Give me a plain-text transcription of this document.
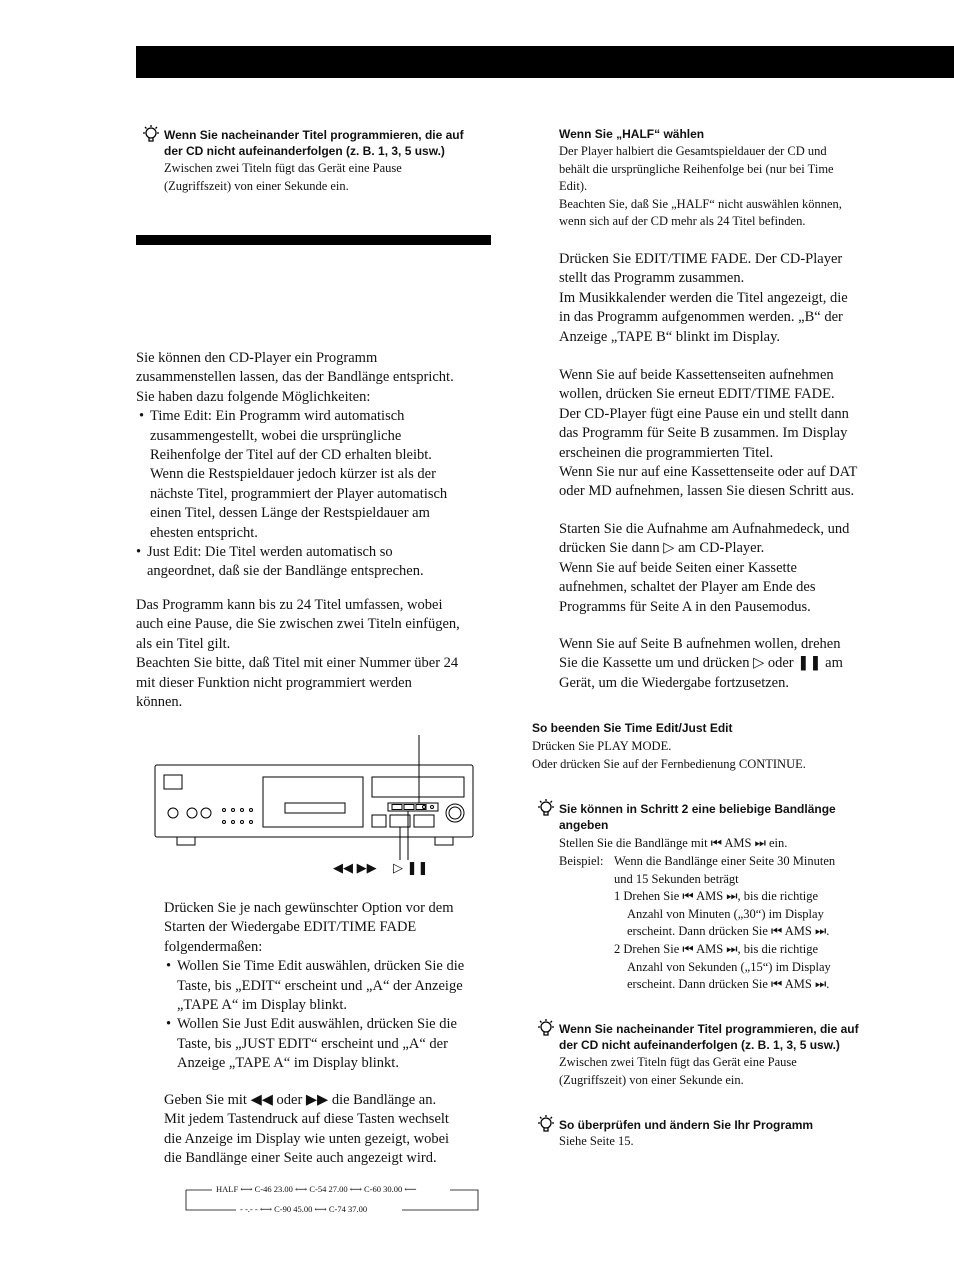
Wenn Sie nacheinander Titel programmieren, die auf
der CD nicht aufeinanderfolgen (z. B. 1, 3, 5 usw.)
Zwischen zwei Titeln fügt das Gerät eine Pause
(Zugriffszeit) von einer Sekunde ein.
Sie können den CD-Player ein Programm
zusammenstellen lassen, das der Bandlänge entspricht.
Sie haben dazu folgende Möglichkeiten:
• Time Edit: Ein Programm wird automatisch
zusammengestellt, wobei die ursprüngliche
Reihenfolge der Titel auf der CD erhalten bleibt.
Wenn die Restspieldauer jedoch kürzer ist als der
nächste Titel, programmiert der Player automatisch
einen Titel, dessen Länge der Restspieldauer am
ehesten entspricht.
• Just Edit: Die Titel werden automatisch so
angeordnet, daß sie der Bandlänge entsprechen.
Das Programm kann bis zu 24 Titel umfassen, wobei
auch eine Pause, die Sie zwischen zwei Titeln einfügen,
als ein Titel gilt.
Beachten Sie bitte, daß Titel mit einer Nummer über 24
mit dieser Funktion nicht programmiert werden
können.
◀◀ ▶▶ ▷ ❚❚
Drücken Sie je nach gewünschter Option vor dem
Starten der Wiedergabe EDIT/TIME FADE
folgendermaßen:
• Wollen Sie Time Edit auswählen, drücken Sie die
Taste, bis „EDIT“ erscheint und „A“ der Anzeige
„TAPE A“ im Display blinkt.
• Wollen Sie Just Edit auswählen, drücken Sie die
Taste, bis „JUST EDIT“ erscheint und „A“ der
Anzeige „TAPE A“ im Display blinkt.
Geben Sie mit ◀◀ oder ▶▶ die Bandlänge an.
Mit jedem Tastendruck auf diese Tasten wechselt
die Anzeige im Display wie unten gezeigt, wobei
die Bandlänge einer Seite auch angezeigt wird.
HALF ⟷ C-46 23.00 ⟷ C-54 27.00 ⟷ C-60 30.00 ⟵
- -.- - ⟷ C-90 45.00 ⟷ C-74 37.00
Wenn Sie „HALF“ wählen
Der Player halbiert die Gesamtspieldauer der CD und
behält die ursprüngliche Reihenfolge bei (nur bei Time
Edit).
Beachten Sie, daß Sie „HALF“ nicht auswählen können,
wenn sich auf der CD mehr als 24 Titel befinden.
Drücken Sie EDIT/TIME FADE. Der CD-Player
stellt das Programm zusammen.
Im Musikkalender werden die Titel angezeigt, die
in das Programm aufgenommen werden. „B“ der
Anzeige „TAPE B“ blinkt im Display.
Wenn Sie auf beide Kassettenseiten aufnehmen
wollen, drücken Sie erneut EDIT/TIME FADE.
Der CD-Player fügt eine Pause ein und stellt dann
das Programm für Seite B zusammen. Im Display
erscheinen die programmierten Titel.
Wenn Sie nur auf eine Kassettenseite oder auf DAT
oder MD aufnehmen, lassen Sie diesen Schritt aus.
Starten Sie die Aufnahme am Aufnahmedeck, und
drücken Sie dann ▷ am CD-Player.
Wenn Sie auf beide Seiten einer Kassette
aufnehmen, schaltet der Player am Ende des
Programms für Seite A in den Pausemodus.
Wenn Sie auf Seite B aufnehmen wollen, drehen
Sie die Kassette um und drücken ▷ oder ❚❚ am
Gerät, um die Wiedergabe fortzusetzen.
So beenden Sie Time Edit/Just Edit
Drücken Sie PLAY MODE.
Oder drücken Sie auf der Fernbedienung CONTINUE.
Sie können in Schritt 2 eine beliebige Bandlänge
angeben
Stellen Sie die Bandlänge mit ⏮ AMS ⏭ ein.
Beispiel: Wenn die Bandlänge einer Seite 30 Minuten
und 15 Sekunden beträgt
1 Drehen Sie ⏮ AMS ⏭, bis die richtige
Anzahl von Minuten („30“) im Display
erscheint. Dann drücken Sie ⏮ AMS ⏭.
2 Drehen Sie ⏮ AMS ⏭, bis die richtige
Anzahl von Sekunden („15“) im Display
erscheint. Dann drücken Sie ⏮ AMS ⏭.
Wenn Sie nacheinander Titel programmieren, die auf
der CD nicht aufeinanderfolgen (z. B. 1, 3, 5 usw.)
Zwischen zwei Titeln fügt das Gerät eine Pause
(Zugriffszeit) von einer Sekunde ein.
So überprüfen und ändern Sie Ihr Programm
Siehe Seite 15.
